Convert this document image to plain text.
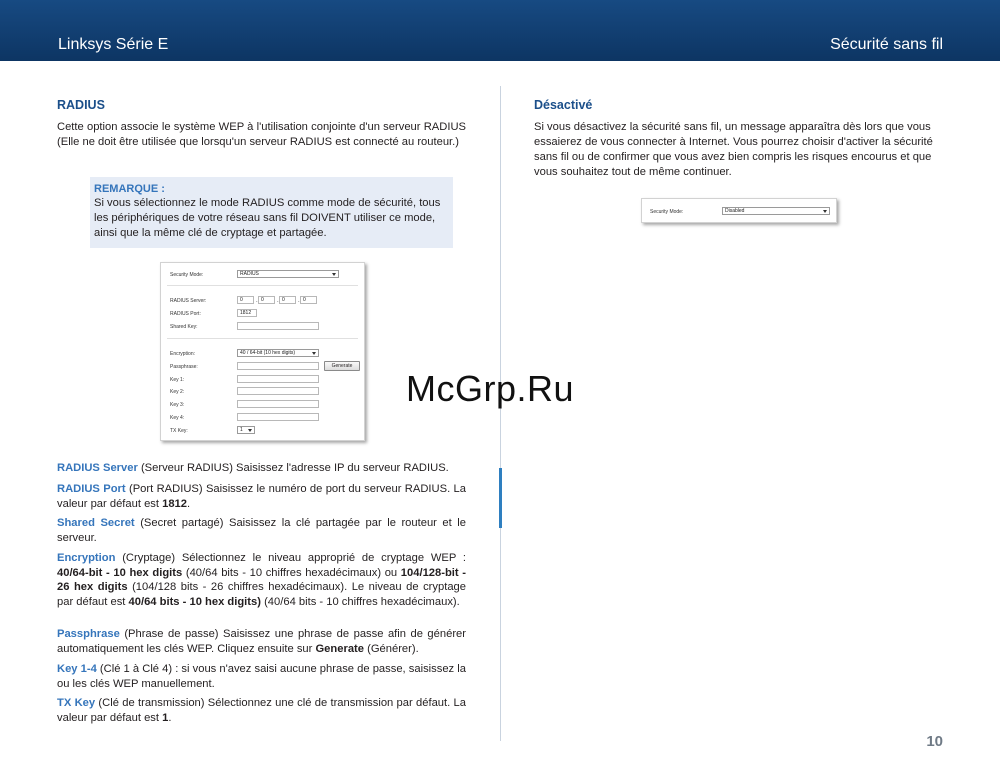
Linksys Série E	Sécurité sans fil
RADIUS

Cette option associe le système WEP à l'utilisation conjointe d'un serveur RADIUS (Elle ne doit être utilisée que lorsqu'un serveur RADIUS est connecté au routeur.)

REMARQUE :
Si vous sélectionnez le mode RADIUS comme mode de sécurité, tous les périphériques de votre réseau sans fil DOIVENT utiliser ce mode, ainsi que la même clé de cryptage et partagée.
Security Mode:	RADIUS
RADIUS Server:	0	. 0	. 0	. 0
RADIUS Port:	1812
Shared Key:
Encryption:	40 / 64-bit (10 hex digits)
Passphrase:	Generate
Key 1:
Key 2:
Key 3:
Key 4:
TX Key:	1
RADIUS Server (Serveur RADIUS) Saisissez l'adresse IP du serveur RADIUS.
RADIUS Port (Port RADIUS) Saisissez le numéro de port du serveur RADIUS. La valeur par défaut est 1812.
Shared Secret (Secret partagé) Saisissez la clé partagée par le routeur et le serveur.
Encryption (Cryptage) Sélectionnez le niveau approprié de cryptage WEP : 40/64-bit - 10 hex digits (40/64 bits - 10 chiffres hexadécimaux) ou 104/128-bit - 26 hex digits (104/128 bits - 26 chiffres hexadécimaux). Le niveau de cryptage par défaut est 40/64 bits - 10 hex digits) (40/64 bits - 10 chiffres hexadécimaux).
Passphrase (Phrase de passe) Saisissez une phrase de passe afin de générer automatiquement les clés WEP. Cliquez ensuite sur Generate (Générer).
Key 1-4 (Clé 1 à Clé 4) : si vous n'avez saisi aucune phrase de passe, saisissez la ou les clés WEP manuellement.
TX Key (Clé de transmission) Sélectionnez une clé de transmission par défaut. La valeur par défaut est 1.
Désactivé

Si vous désactivez la sécurité sans fil, un message apparaîtra dès lors que vous essaierez de vous connecter à Internet. Vous pourrez choisir d'activer la sécurité sans fil ou de confirmer que vous avez bien compris les risques encourus et que vous souhaitez tout de même continuer.

Security Mode:	Disabled
McGrp.Ru
10
